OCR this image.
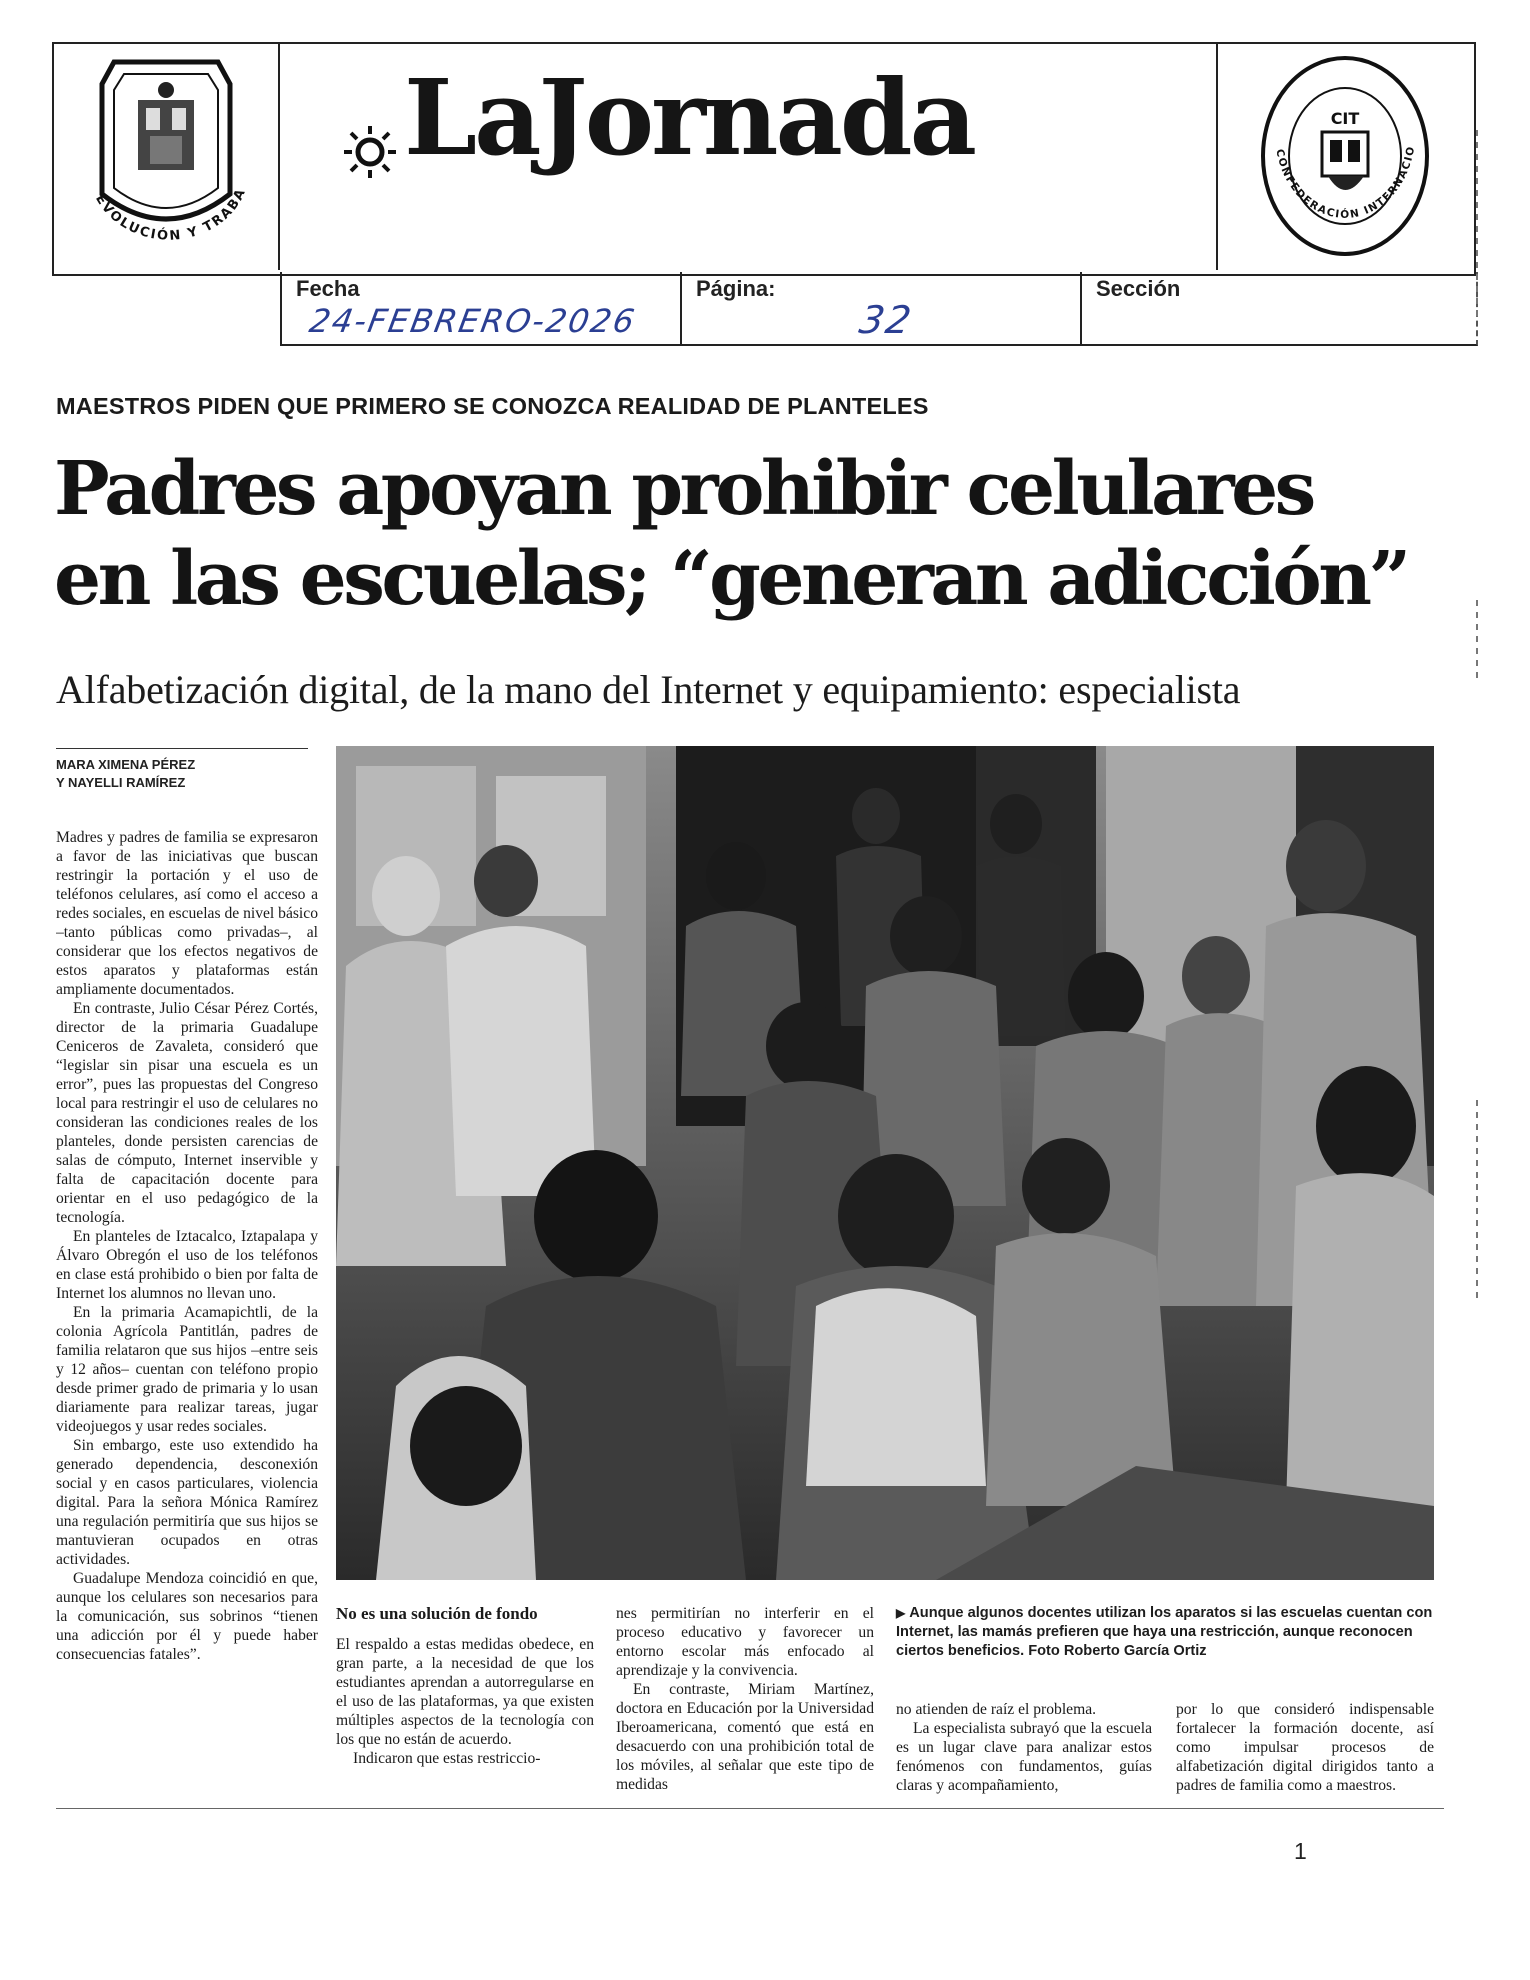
EVOLUCIÓN Y TRABA
LaJornada	CIT
CONFEDERACIÓN INTERNACIO
Fecha
24-FEBRERO-2026
Página:
32
Sección
MAESTROS PIDEN QUE PRIMERO SE CONOZCA REALIDAD DE PLANTELES
Padres apoyan prohibir celulares
en las escuelas; “generan adicción”
Alfabetización digital, de la mano del Internet y equipamiento: especialista
MARA XIMENA PÉREZ
Y NAYELLI RAMÍREZ

Madres y padres de familia se expresaron a favor de las iniciativas que buscan restringir la portación y el uso de teléfonos celulares, así como el acceso a redes sociales, en escuelas de nivel básico –tanto públicas como privadas–, al considerar que los efectos negativos de estos aparatos y plataformas están ampliamente documentados.

En contraste, Julio César Pérez Cortés, director de la primaria Guadalupe Ceniceros de Zavaleta, consideró que “legislar sin pisar una escuela es un error”, pues las propuestas del Congreso local para restringir el uso de celulares no consideran las condiciones reales de los planteles, donde persisten carencias de salas de cómputo, Internet inservible y falta de capacitación docente para orientar en el uso pedagógico de la tecnología.

En planteles de Iztacalco, Iztapalapa y Álvaro Obregón el uso de los teléfonos en clase está prohibido o bien por falta de Internet los alumnos no llevan uno.

En la primaria Acamapichtli, de la colonia Agrícola Pantitlán, padres de familia relataron que sus hijos –entre seis y 12 años– cuentan con teléfono propio desde primer grado de primaria y lo usan diariamente para realizar tareas, jugar videojuegos y usar redes sociales.

Sin embargo, este uso extendido ha generado dependencia, desconexión social y en casos particulares, violencia digital. Para la señora Mónica Ramírez una regulación permitiría que sus hijos se mantuvieran ocupados en otras actividades.

Guadalupe Mendoza coincidió en que, aunque los celulares son necesarios para la comunicación, sus sobrinos “tienen una adicción por él y puede haber consecuencias fatales”.

▶ Aunque algunos docentes utilizan los aparatos si las escuelas cuentan con Internet, las mamás prefieren que haya una restricción, aunque reconocen ciertos beneficios. Foto Roberto García Ortiz
No es una solución de fondo

El respaldo a estas medidas obedece, en gran parte, a la necesidad de que los estudiantes aprendan a autorregularse en el uso de las plataformas, ya que existen múltiples aspectos de la tecnología con los que no están de acuerdo.

Indicaron que estas restriccio-

nes permitirían no interferir en el proceso educativo y favorecer un entorno escolar más enfocado al aprendizaje y la convivencia.

En contraste, Miriam Martínez, doctora en Educación por la Universidad Iberoamericana, comentó que está en desacuerdo con una prohibición total de los móviles, al señalar que este tipo de medidas

no atienden de raíz el problema.

La especialista subrayó que la escuela es un lugar clave para analizar estos fenómenos con fundamentos, guías claras y acompañamiento,

por lo que consideró indispensable fortalecer la formación docente, así como impulsar procesos de alfabetización digital dirigidos tanto a padres de familia como a maestros.

1
